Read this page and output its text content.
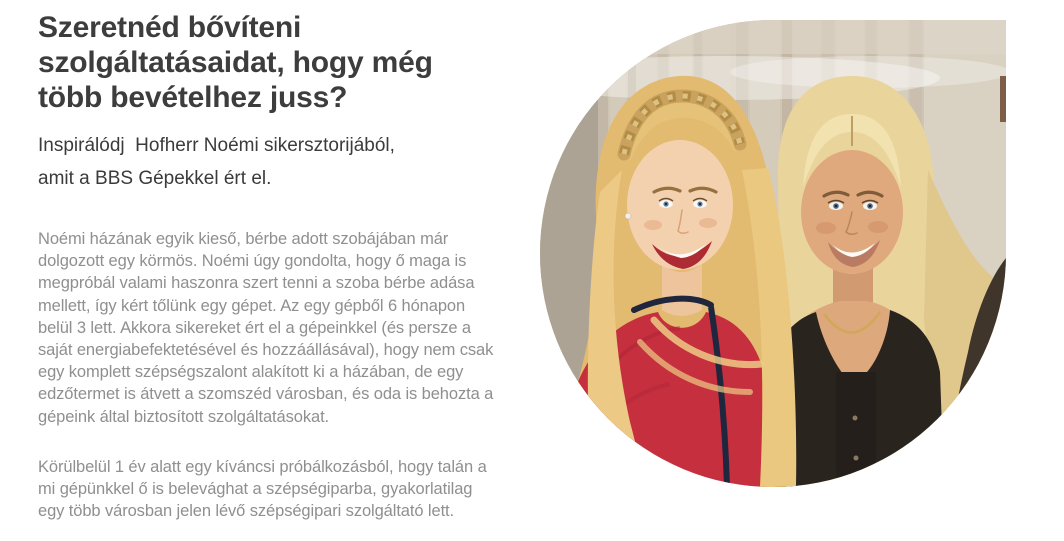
Szeretnéd bővíteni
szolgáltatásaidat, hogy még
több bevételhez juss?

Inspirálódj  Hofherr Noémi sikersztorijából,
amit a BBS Gépekkel ért el.

Noémi házának egyik kieső, bérbe adott szobájában már
dolgozott egy körmös. Noémi úgy gondolta, hogy ő maga is
megpróbál valami haszonra szert tenni a szoba bérbe adása
mellett, így kért tőlünk egy gépet. Az egy gépből 6 hónapon
belül 3 lett. Akkora sikereket ért el a gépeinkkel (és persze a
saját energiabefektetésével és hozzáállásával), hogy nem csak
egy komplett szépségszalont alakított ki a házában, de egy
edzőtermet is átvett a szomszéd városban, és oda is behozta a
gépeink által biztosított szolgáltatásokat.

Körülbelül 1 év alatt egy kíváncsi próbálkozásból, hogy talán a
mi gépünkkel ő is belevághat a szépségiparba, gyakorlatilag
egy több városban jelen lévő szépségipari szolgáltató lett.
